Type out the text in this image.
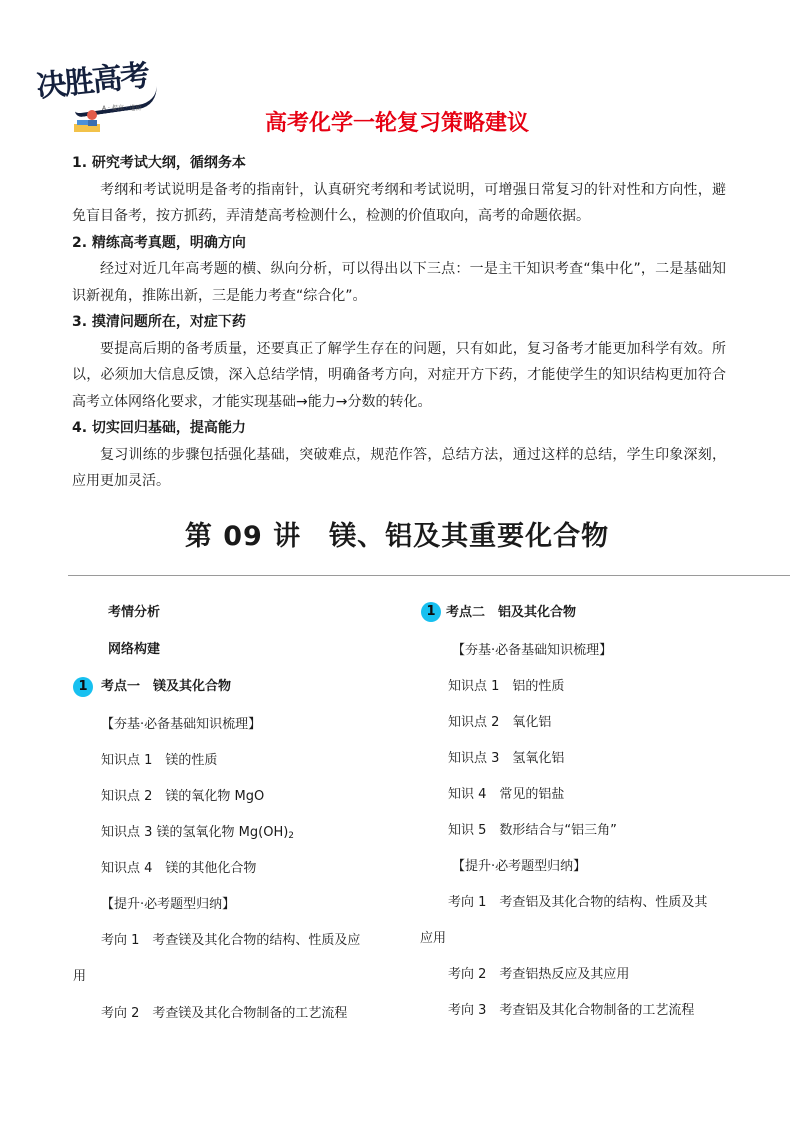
决胜高考
A · 提高 · 进阶
高考化学一轮复习策略建议
1. 研究考试大纲，循纲务本

考纲和考试说明是备考的指南针，认真研究考纲和考试说明，可增强日常复习的针对性和方向性，避免盲目备考，按方抓药，弄清楚高考检测什么，检测的价值取向，高考的命题依据。

2. 精练高考真题，明确方向

经过对近几年高考题的横、纵向分析，可以得出以下三点：一是主干知识考查“集中化”，二是基础知识新视角，推陈出新，三是能力考查“综合化”。

3. 摸清问题所在，对症下药

要提高后期的备考质量，还要真正了解学生存在的问题，只有如此，复习备考才能更加科学有效。所以，必须加大信息反馈，深入总结学情，明确备考方向，对症开方下药，才能使学生的知识结构更加符合高考立体网络化要求，才能实现基础→能力→分数的转化。

4. 切实回归基础，提高能力

复习训练的步骤包括强化基础，突破难点，规范作答，总结方法，通过这样的总结，学生印象深刻，应用更加灵活。

第 09 讲　镁、铝及其重要化合物
考情分析
网络构建
1	考点一　镁及其化合物
【夯基·必备基础知识梳理】
知识点 1　镁的性质
知识点 2　镁的氧化物 MgO
知识点 3 镁的氢氧化物 $Mg(OH)_2$
知识点 4　镁的其他化合物
【提升·必考题型归纳】
考向 1　考查镁及其化合物的结构、性质及应
用
考向 2　考查镁及其化合物制备的工艺流程
1 考点二　铝及其化合物
【夯基·必备基础知识梳理】
知识点 1　铝的性质
知识点 2　氧化铝
知识点 3　氢氧化铝
知识 4　常见的铝盐
知识 5　数形结合与“铝三角”
【提升·必考题型归纳】
考向 1　考查铝及其化合物的结构、性质及其
应用
考向 2　考查铝热反应及其应用
考向 3　考查铝及其化合物制备的工艺流程
